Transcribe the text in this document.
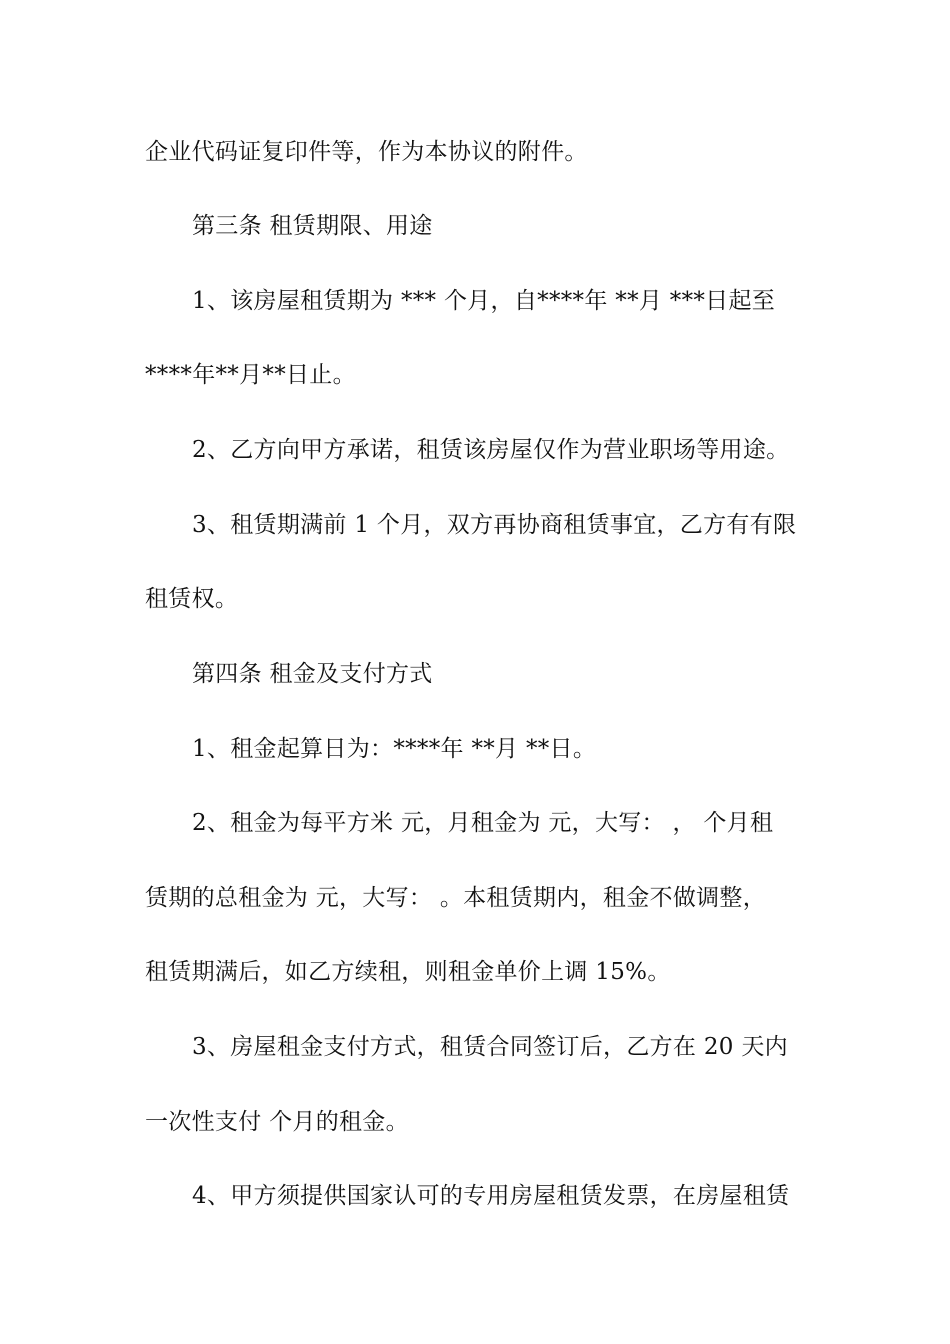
企业代码证复印件等，作为本协议的附件。
第三条 租赁期限、用途
1、该房屋租赁期为 *** 个月，自****年 **月 ***日起至
****年**月**日止。
2、乙方向甲方承诺，租赁该房屋仅作为营业职场等用途。
3、租赁期满前 1 个月，双方再协商租赁事宜，乙方有有限
租赁权。
第四条 租金及支付方式
1、租金起算日为：****年 **月 **日。
2、租金为每平方米 元，月租金为 元，大写： ， 个月租
赁期的总租金为 元，大写： 。本租赁期内，租金不做调整，
租赁期满后，如乙方续租，则租金单价上调 15%。
3、房屋租金支付方式，租赁合同签订后，乙方在 20 天内
一次性支付 个月的租金。
4、甲方须提供国家认可的专用房屋租赁发票，在房屋租赁
